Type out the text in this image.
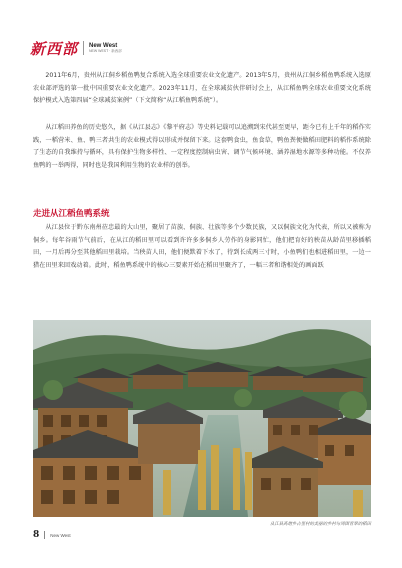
新西部 New West
NEW WEST · 新西部

2011年6月，贵州从江侗乡稻鱼鸭复合系统入选全球重要农业文化遗产。2013年5月，贵州从江侗乡稻鱼鸭系统入选原农业部评选的第一批中国重要农业文化遗产。2023年11月，在全球减贫伙伴研讨会上，从江稻鱼鸭全球农业重要文化系统保护模式入选第四届“全球减贫案例”（下文简称“从江稻鱼鸭系统”）。

从江稻田养鱼的历史悠久，据《从江县志》《黎平府志》等史料记载可以追溯到宋代甚至更早，距今已有上千年的稻作实践，一稻营米、鱼、鸭三者共生的农业模式得以形成并保留下来。这套鸭食虫，鱼食草，鸭鱼粪便做稻田肥料的稻作系统除了生态的自我维持与循环，具有保护生物多样性、一定程度控制病虫害、调节气候环境、涵养湿地水源等多种功能。不仅养鱼鸭的一举两得，同时也是我国利用生物的农业样的创举。

走进从江稻鱼鸭系统

从江县位于黔东南州莅忠最的大山里，聚居了苗族、侗族、壮族等多个少数民族，又以侗族文化为代表，所以又被称为侗乡。每年谷雨节气前后，在从江的稻田里可以看到许许多多侗乡人劳作的身影同忙，他们把育好的秧苗从龄苗里移插稻田，一月后再分至其他稻田里栽培。当秧苗人田，他们便默着下水了，待到长成两三寸时，小鱼鸭们也相进稻田里，一边一猎在田里来回戏动着。此时，稻鱼鸭系统中的核心三要素开始在稻田里聚齐了，一幅三者和谐相处的画面跃

从江县高增乡占里村的美丽的乡村与周围青翠的稻田
8 New West
